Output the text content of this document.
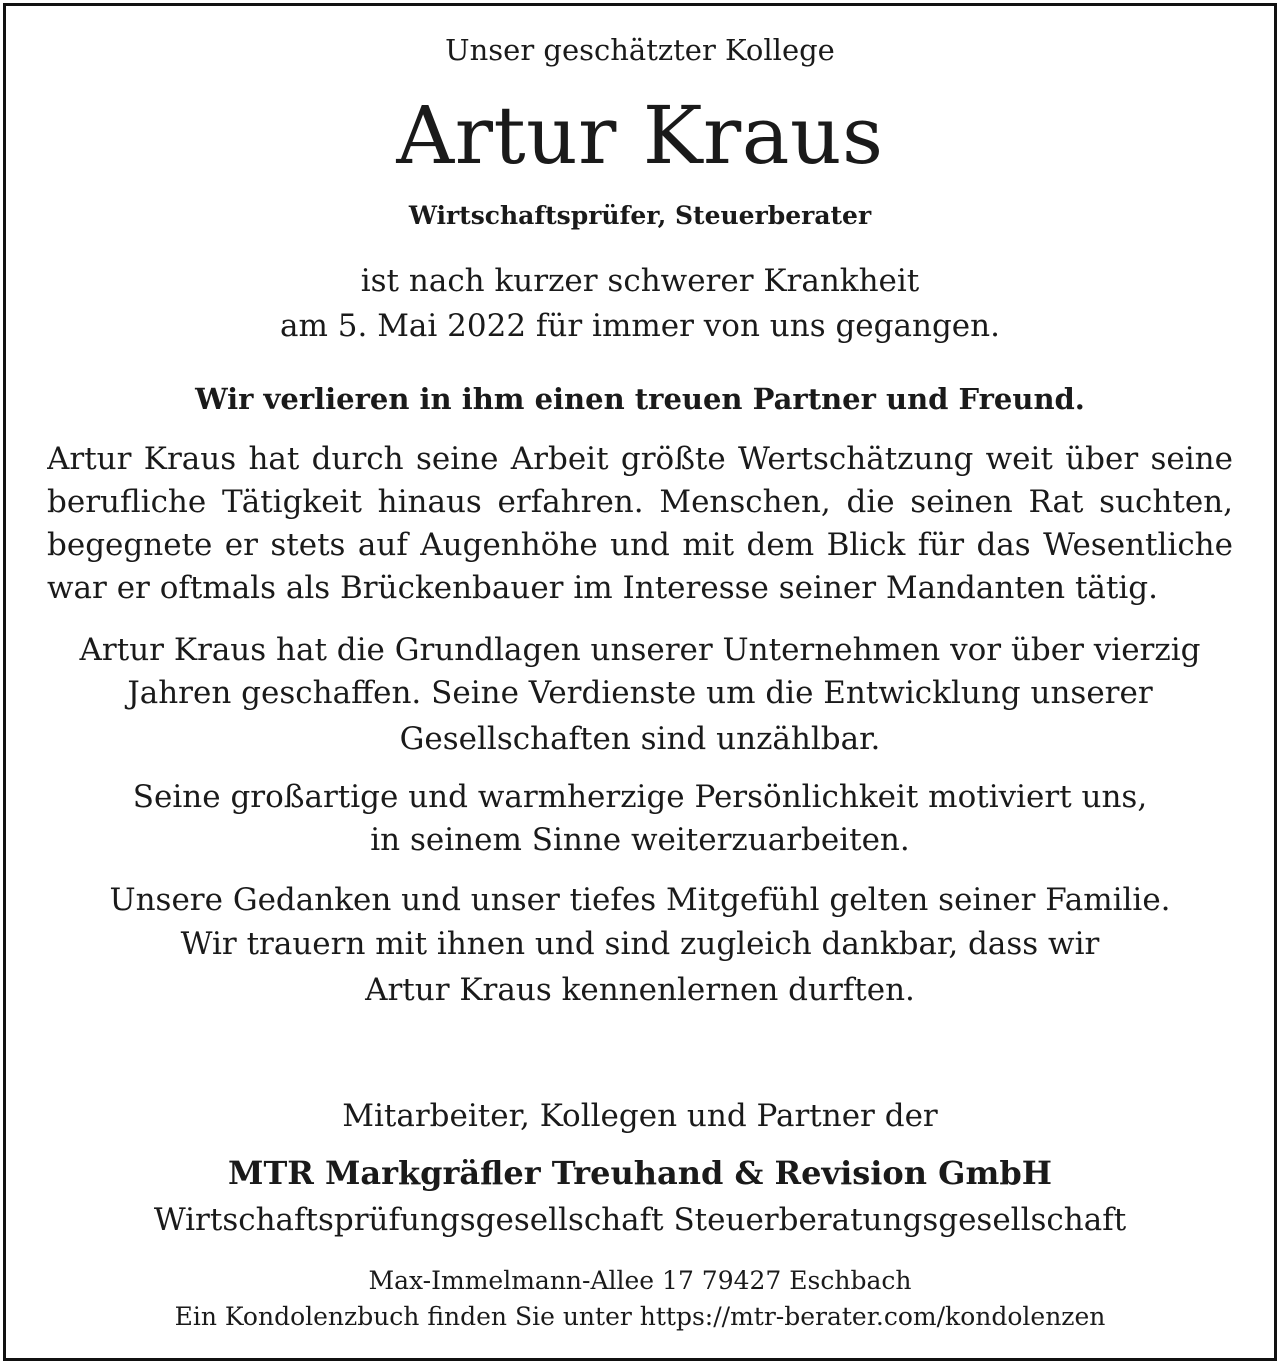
Unser geschätzter Kollege
Artur Kraus
Wirtschaftsprüfer, Steuerberater
ist nach kurzer schwerer Krankheit
am 5. Mai 2022 für immer von uns gegangen.
Wir verlieren in ihm einen treuen Partner und Freund.
Artur Kraus hat durch seine Arbeit größte Wertschätzung weit über seine
berufliche Tätigkeit hinaus erfahren. Menschen, die seinen Rat suchten,
begegnete er stets auf Augenhöhe und mit dem Blick für das Wesentliche
war er oftmals als Brückenbauer im Interesse seiner Mandanten tätig.
Artur Kraus hat die Grundlagen unserer Unternehmen vor über vierzig
Jahren geschaffen. Seine Verdienste um die Entwicklung unserer
Gesellschaften sind unzählbar.
Seine großartige und warmherzige Persönlichkeit motiviert uns,
in seinem Sinne weiterzuarbeiten.
Unsere Gedanken und unser tiefes Mitgefühl gelten seiner Familie.
Wir trauern mit ihnen und sind zugleich dankbar, dass wir
Artur Kraus kennenlernen durften.
Mitarbeiter, Kollegen und Partner der
MTR Markgräfler Treuhand & Revision GmbH
Wirtschaftsprüfungsgesellschaft Steuerberatungsgesellschaft
Max-Immelmann-Allee 17 79427 Eschbach
Ein Kondolenzbuch finden Sie unter https://mtr-berater.com/kondolenzen
